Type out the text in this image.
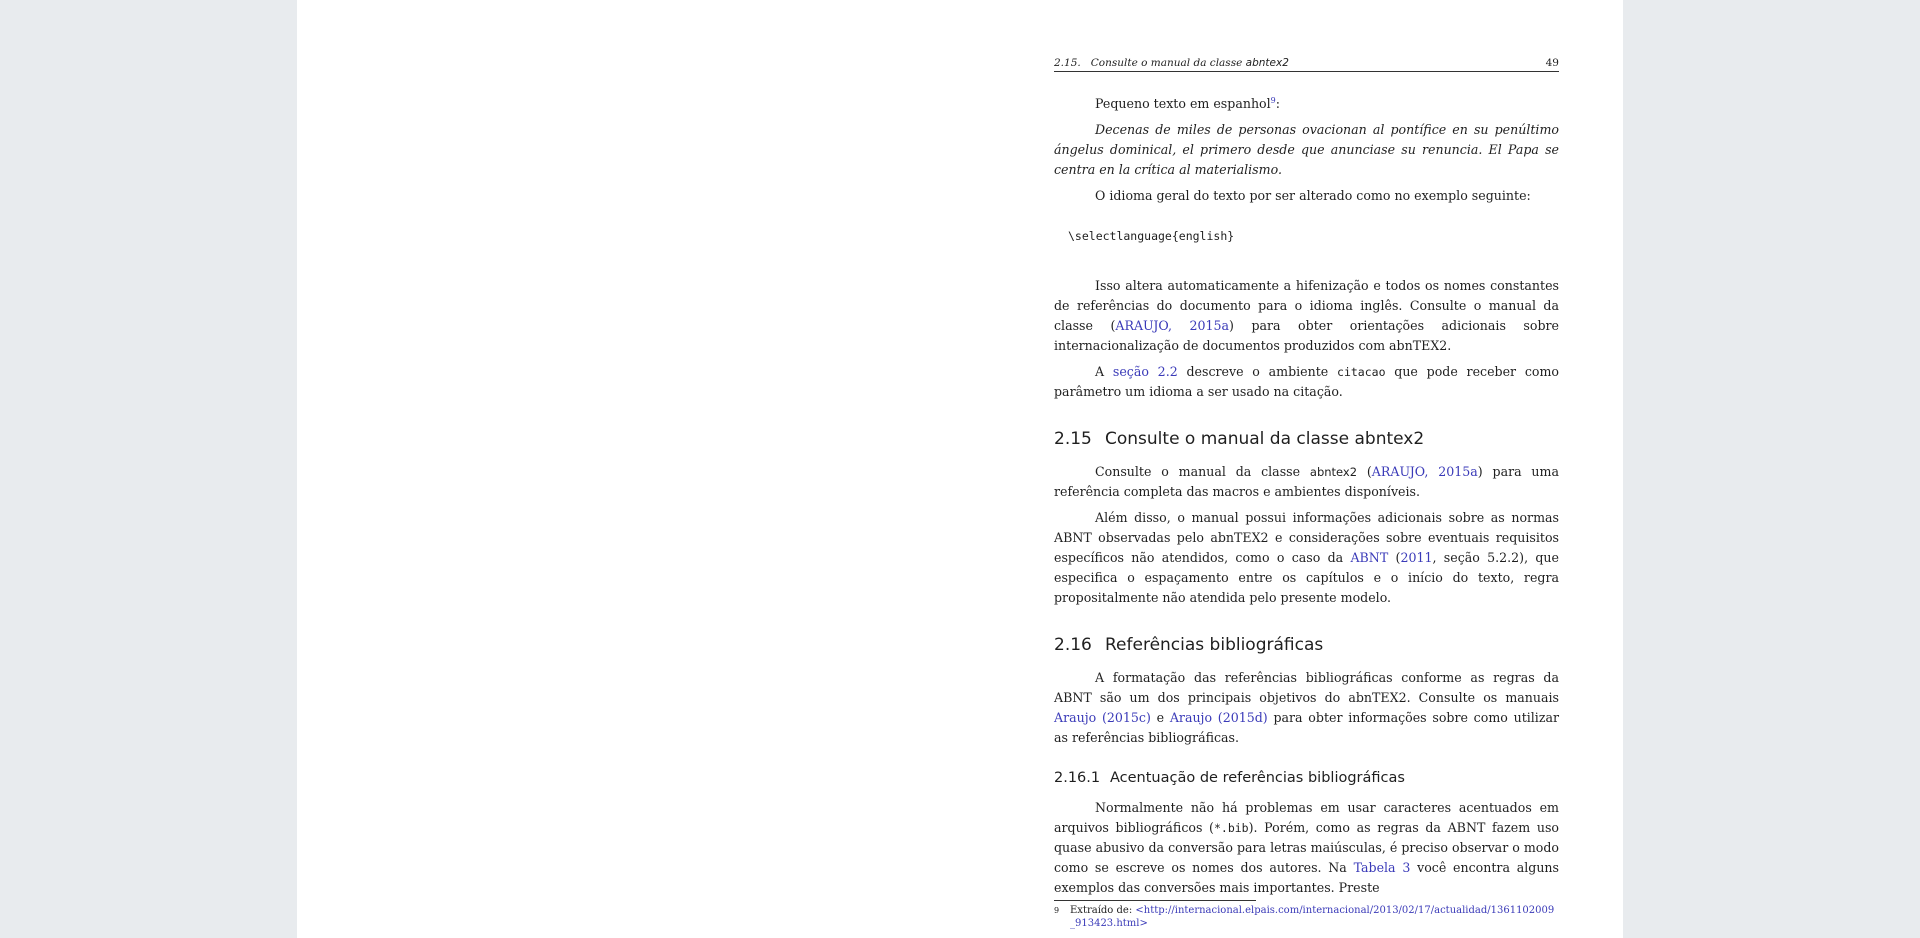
2.15. Consulte o manual da classe abntex2	49

Pequeno texto em espanhol$^9$:

Decenas de miles de personas ovacionan al pontífice en su penúltimo ángelus dominical, el primero desde que anunciase su renuncia. El Papa se centra en la crítica al materialismo.

O idioma geral do texto por ser alterado como no exemplo seguinte:

\selectlanguage{english}

Isso altera automaticamente a hifenização e todos os nomes constantes de referências do documento para o idioma inglês. Consulte o manual da classe (ARAUJO, 2015a) para obter orientações adicionais sobre internacionalização de documentos produzidos com abnTEX2.

A seção 2.2 descreve o ambiente citacao que pode receber como parâmetro um idioma a ser usado na citação.

2.15 Consulte o manual da classe abntex2

Consulte o manual da classe abntex2 (ARAUJO, 2015a) para uma referência completa das macros e ambientes disponíveis.

Além disso, o manual possui informações adicionais sobre as normas ABNT observadas pelo abnTEX2 e considerações sobre eventuais requisitos específicos não atendidos, como o caso da ABNT (2011, seção 5.2.2), que especifica o espaçamento entre os capítulos e o início do texto, regra propositalmente não atendida pelo presente modelo.

2.16 Referências bibliográficas

A formatação das referências bibliográficas conforme as regras da ABNT são um dos principais objetivos do abnTEX2. Consulte os manuais Araujo (2015c) e Araujo (2015d) para obter informações sobre como utilizar as referências bibliográficas.

2.16.1 Acentuação de referências bibliográficas

Normalmente não há problemas em usar caracteres acentuados em arquivos bibliográficos (*.bib). Porém, como as regras da ABNT fazem uso quase abusivo da conversão para letras maiúsculas, é preciso observar o modo como se escreve os nomes dos autores. Na Tabela 3 você encontra alguns exemplos das conversões mais importantes. Preste

9	Extraído de: <http://internacional.elpais.com/internacional/2013/02/17/actualidad/1361102009_913423.html>
